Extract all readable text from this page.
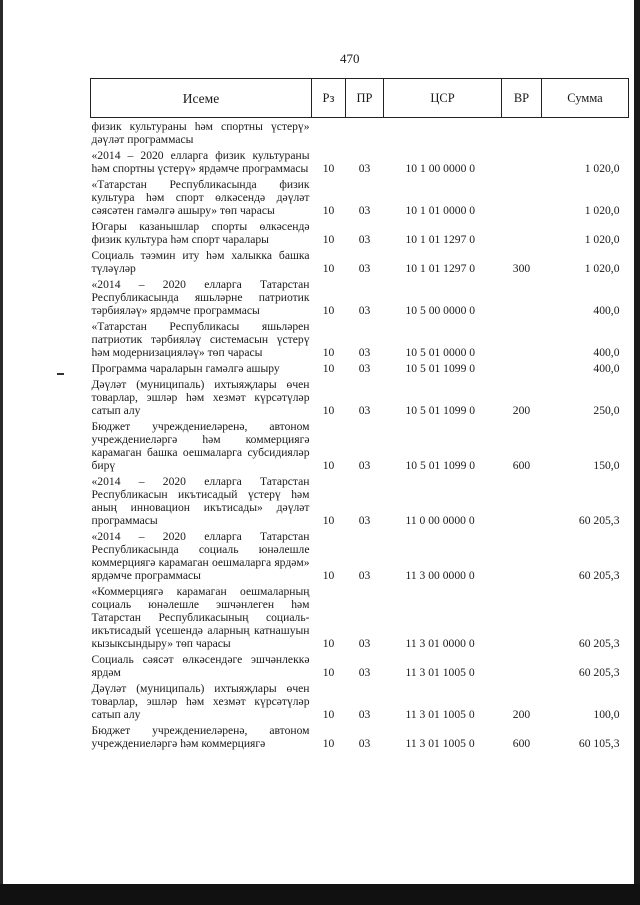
470
Исеме	Рз	ПР	ЦСР	ВР	Сумма
физик культураны һәм спортны үстерү» дәүләт программасы					
«2014 – 2020 елларга физик культураны һәм спортны үстерү» ярдәмче программасы	10	03	10 1 00 0000 0		1 020,0
«Татарстан Республикасында физик культура һәм спорт өлкәсендә дәүләт сәясәтен гамәлгә ашыру» төп чарасы	10	03	10 1 01 0000 0		1 020,0
Югары казанышлар спорты өлкәсендә физик культура һәм спорт чаралары	10	03	10 1 01 1297 0		1 020,0
Социаль тәэмин иту һәм халыкка башка түләүләр	10	03	10 1 01 1297 0	300	1 020,0
«2014 – 2020 елларга Татарстан Республикасында яшьләрне патриотик тәрбияләү» ярдәмче программасы	10	03	10 5 00 0000 0		400,0
«Татарстан Республикасы яшьләрен патриотик тәрбияләү системасын үстерү һәм модернизацияләү» төп чарасы	10	03	10 5 01 0000 0		400,0
Программа чараларын гамәлгә ашыру	10	03	10 5 01 1099 0		400,0
Дәүләт (муниципаль) ихтыяҗлары өчен товарлар, эшләр һәм хезмәт күрсәтүләр сатып алу	10	03	10 5 01 1099 0	200	250,0
Бюджет учреждениеләренә, автоном учреждениеләргә һәм коммерциягә карамаган башка оешмаларга субсидияләр бирү	10	03	10 5 01 1099 0	600	150,0
«2014 – 2020 елларга Татарстан Республикасын икътисадый үстерү һәм аның инновацион икътисады» дәүләт программасы	10	03	11 0 00 0000 0		60 205,3
«2014 – 2020 елларга Татарстан Республикасында социаль юнәлешле коммерциягә карамаган оешмаларга ярдәм» ярдәмче программасы	10	03	11 3 00 0000 0		60 205,3
«Коммерциягә карамаган оешмаларның социаль юнәлешле эшчәнлеген һәм Татарстан Республикасының социаль-икътисадый үсешендә аларның катнашуын кызыксындыру» төп чарасы	10	03	11 3 01 0000 0		60 205,3
Социаль сәясәт өлкәсендәге эшчәнлеккә ярдәм	10	03	11 3 01 1005 0		60 205,3
Дәүләт (муниципаль) ихтыяҗлары өчен товарлар, эшләр һәм хезмәт күрсәтүләр сатып алу	10	03	11 3 01 1005 0	200	100,0
Бюджет учреждениеләренә, автоном учреждениеләргә һәм коммерциягә	10	03	11 3 01 1005 0	600	60 105,3
